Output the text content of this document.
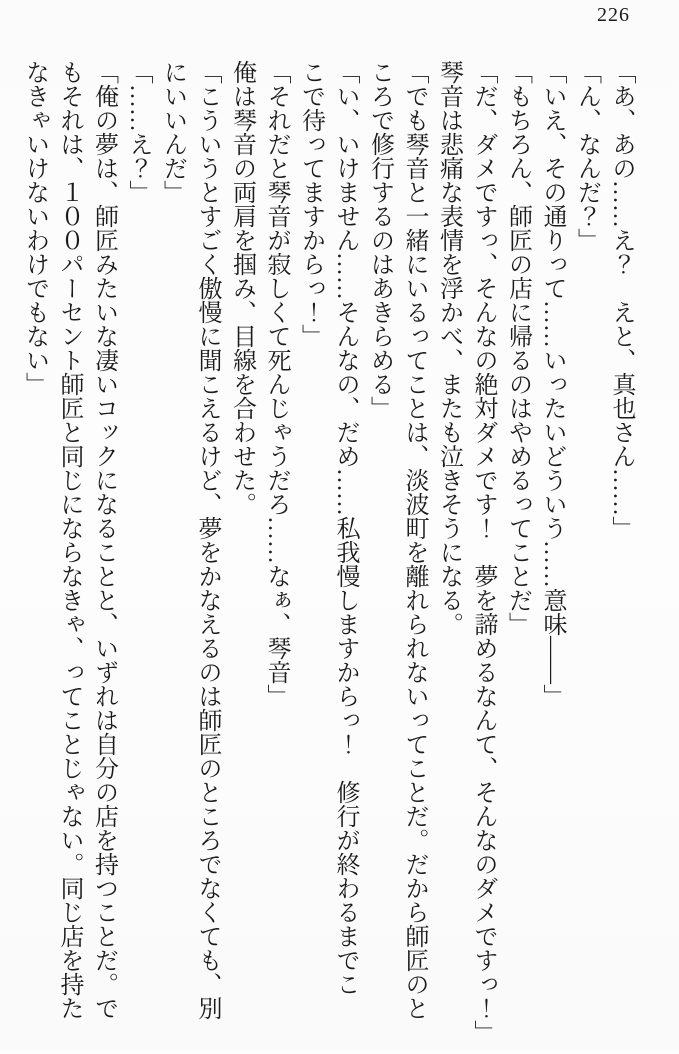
226
「あ、あの……え？　えと、真也さん……」
「ん、なんだ？」
「いえ、その通りって……いったいどういう……意味――」
「もちろん、師匠の店に帰るのはやめるってことだ」
「だ、ダメですっ、そんなの絶対ダメです！　夢を諦めるなんて、そんなのダメですっ！」
琴音は悲痛な表情を浮かべ、またも泣きそうになる。
「でも琴音と一緒にいるってことは、淡波町を離れられないってことだ。だから師匠のと
ころで修行するのはあきらめる」
「い、いけません……そんなの、だめ……私我慢しますからっ！　修行が終わるまでこ
こで待ってますからっ！」
「それだと琴音が寂しくて死んじゃうだろ……なぁ、琴音」
俺は琴音の両肩を掴み、目線を合わせた。
「こういうとすごく傲慢に聞こえるけど、夢をかなえるのは師匠のところでなくても、別
にいいんだ」
「……え？」
「俺の夢は、師匠みたいな凄いコックになることと、いずれは自分の店を持つことだ。で
もそれは、１００パーセント師匠と同じにならなきゃ、ってことじゃない。同じ店を持た
なきゃいけないわけでもない」
